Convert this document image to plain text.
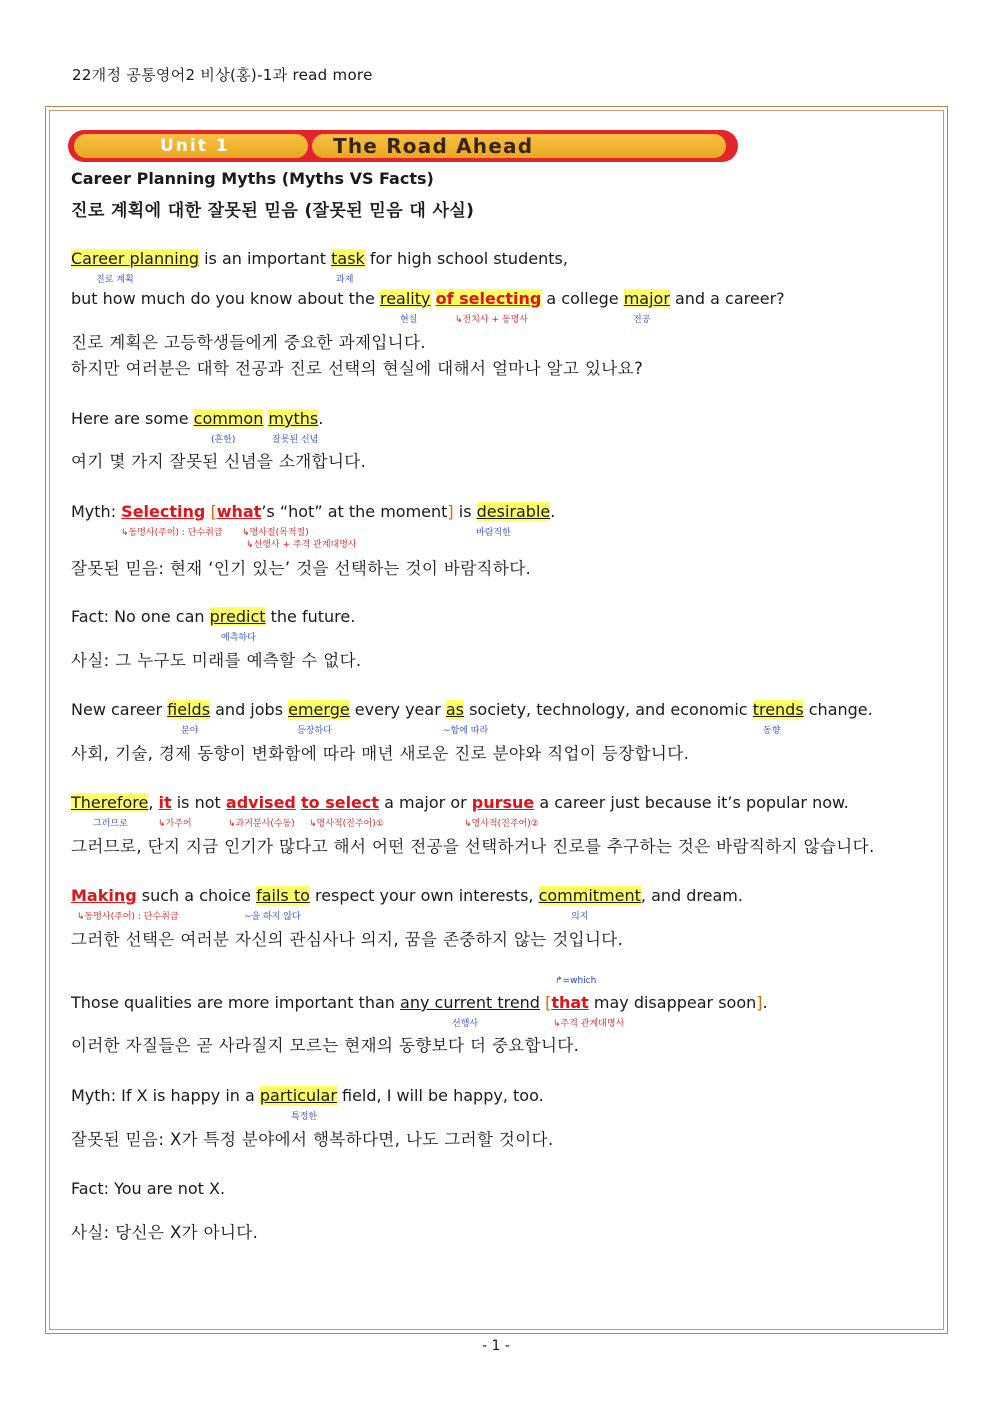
22개정 공통영어2 비상(홍)-1과 read more
Unit 1	The Road Ahead
Career Planning Myths (Myths VS Facts)
진로 계획에 대한 잘못된 믿음 (잘못된 믿음 대 사실)
Career planning is an important task for high school students,
진로 계획	과제
but how much do you know about the reality of selecting a college major and a career?
현실	↳전치사 + 동명사	전공
진로 계획은 고등학생들에게 중요한 과제입니다.
하지만 여러분은 대학 전공과 진로 선택의 현실에 대해서 얼마나 알고 있나요?
Here are some common myths.
(흔한)	잘못된 신념
여기 몇 가지 잘못된 신념을 소개합니다.
Myth: Selecting [what’s “hot” at the moment] is desirable.
↳동명사(주어) : 단수취급 ↳명사절(목적절)
↳선행사 + 주격 관계대명사
바람직한
잘못된 믿음: 현재 ‘인기 있는’ 것을 선택하는 것이 바람직하다.
Fact: No one can predict the future.
예측하다
사실: 그 누구도 미래를 예측할 수 없다.
New career fields and jobs emerge every year as society, technology, and economic trends change.
분야	등장하다	~함에 따라	동향
사회, 기술, 경제 동향이 변화함에 따라 매년 새로운 진로 분야와 직업이 등장합니다.
Therefore, it is not advised to select a major or pursue a career just because it’s popular now.
그러므로	↳가주어	↳과거분사(수동) ↳명사적(진주어)①	↳명사적(진주어)②
그러므로, 단지 지금 인기가 많다고 해서 어떤 전공을 선택하거나 진로를 추구하는 것은 바람직하지 않습니다.
Making such a choice fails to respect your own interests, commitment, and dream.
↳동명사(주어) : 단수취급	~을 하지 않다	의지
그러한 선택은 여러분 자신의 관심사나 의지, 꿈을 존중하지 않는 것입니다.
↱=which
Those qualities are more important than any current trend [that may disappear soon].
선행사	↳주격 관계대명사
이러한 자질들은 곧 사라질지 모르는 현재의 동향보다 더 중요합니다.
Myth: If X is happy in a particular field, I will be happy, too.
특정한
잘못된 믿음: X가 특정 분야에서 행복하다면, 나도 그러할 것이다.
Fact: You are not X.
사실: 당신은 X가 아니다.
- 1 -
